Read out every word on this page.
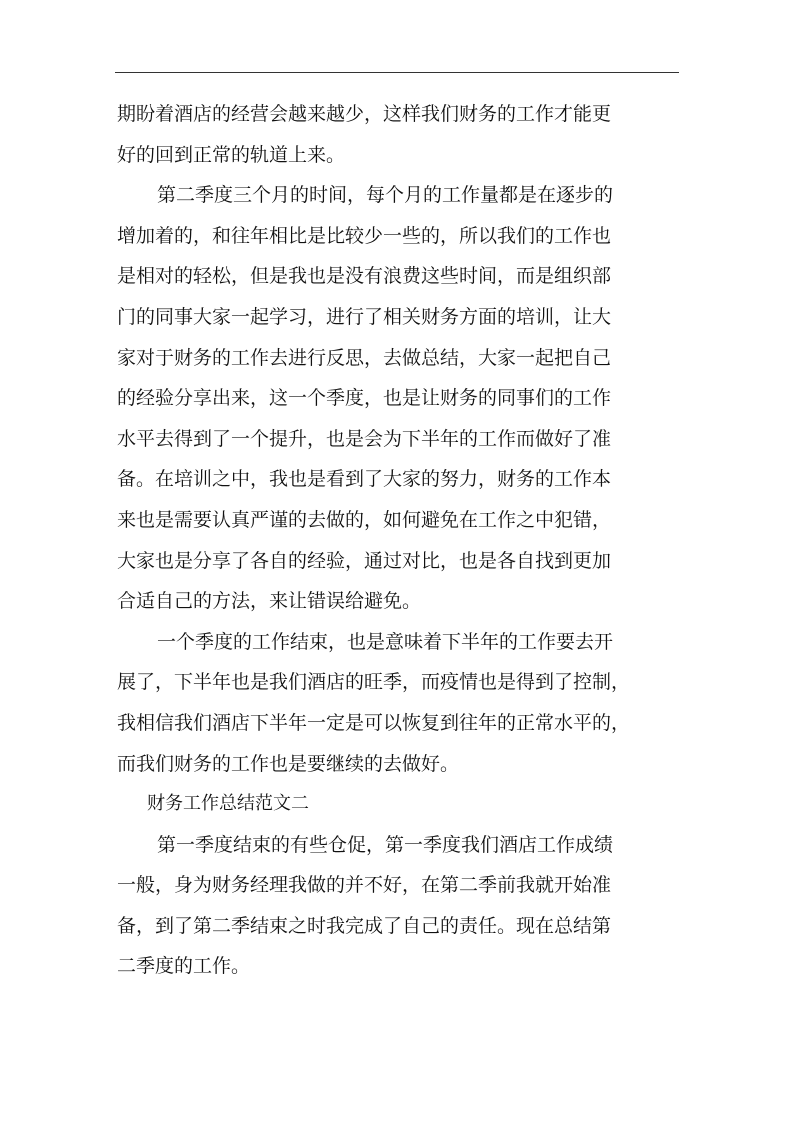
期盼着酒店的经营会越来越少，这样我们财务的工作才能更
好的回到正常的轨道上来。
第二季度三个月的时间，每个月的工作量都是在逐步的
增加着的，和往年相比是比较少一些的，所以我们的工作也
是相对的轻松，但是我也是没有浪费这些时间，而是组织部
门的同事大家一起学习，进行了相关财务方面的培训，让大
家对于财务的工作去进行反思，去做总结，大家一起把自己
的经验分享出来，这一个季度，也是让财务的同事们的工作
水平去得到了一个提升，也是会为下半年的工作而做好了准
备。在培训之中，我也是看到了大家的努力，财务的工作本
来也是需要认真严谨的去做的，如何避免在工作之中犯错，
大家也是分享了各自的经验，通过对比，也是各自找到更加
合适自己的方法，来让错误给避免。
一个季度的工作结束，也是意味着下半年的工作要去开
展了，下半年也是我们酒店的旺季，而疫情也是得到了控制，
我相信我们酒店下半年一定是可以恢复到往年的正常水平的，
而我们财务的工作也是要继续的去做好。
财务工作总结范文二
第一季度结束的有些仓促，第一季度我们酒店工作成绩
一般，身为财务经理我做的并不好，在第二季前我就开始准
备，到了第二季结束之时我完成了自己的责任。现在总结第
二季度的工作。
